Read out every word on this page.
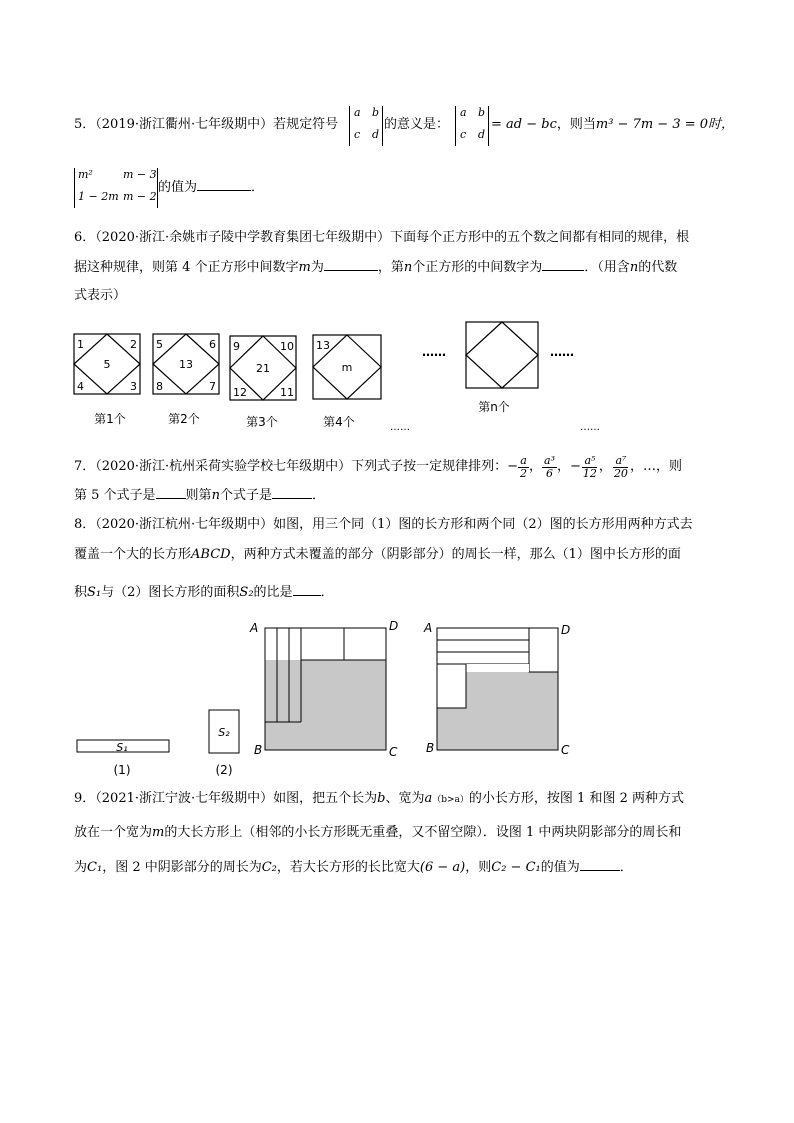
5．（2019·浙江衢州·七年级期中）若规定符号
a b
c d
的意义是：
a b
c d
= ad − bc，则当m³ − 7m − 3 = 0时，
m²	m − 3
1 − 2m m − 2
的值为	．
6．（2020·浙江·余姚市子陵中学教育集团七年级期中）下面每个正方形中的五个数之间都有相同的规律，根
据这种规律，则第 4 个正方形中间数字m为	，第n个正方形的中间数字为	．（用含n的代数
式表示）
1	2
4	3
5
第1个
5	6
8	7
13
第2个
9	10
12	11
21
第3个
13
m
第4个
……
……
第n个
……
……
7．（2020·浙江·杭州采荷实验学校七年级期中）下列式子按一定规律排列： − $\frac{a}{2}$ ， $\frac{\text{a³}}{6}$ ，− $\frac{\text{a⁵}}{12}$ ， $\frac{\text{a⁷}}{20}$ ，…，则
第 5 个式子是 则第n个式子是	．
8．（2020·浙江杭州·七年级期中）如图，用三个同（1）图的长方形和两个同（2）图的长方形用两种方式去
覆盖一个大的长方形ABCD，两种方式未覆盖的部分（阴影部分）的周长一样，那么（1）图中长方形的面
积S₁与（2）图长方形的面积S₂的比是 ．
S₁
(1)
S₂
(2)
A	D
B	C
A	D
B	C
9．（2021·浙江宁波·七年级期中）如图，把五个长为b、宽为a（b>a）的小长方形，按图 1 和图 2 两种方式
放在一个宽为m的大长方形上（相邻的小长方形既无重叠，又不留空隙）．设图 1 中两块阴影部分的周长和
为C₁，图 2 中阴影部分的周长为C₂，若大长方形的长比宽大(6 − a)，则C₂ − C₁的值为	．
